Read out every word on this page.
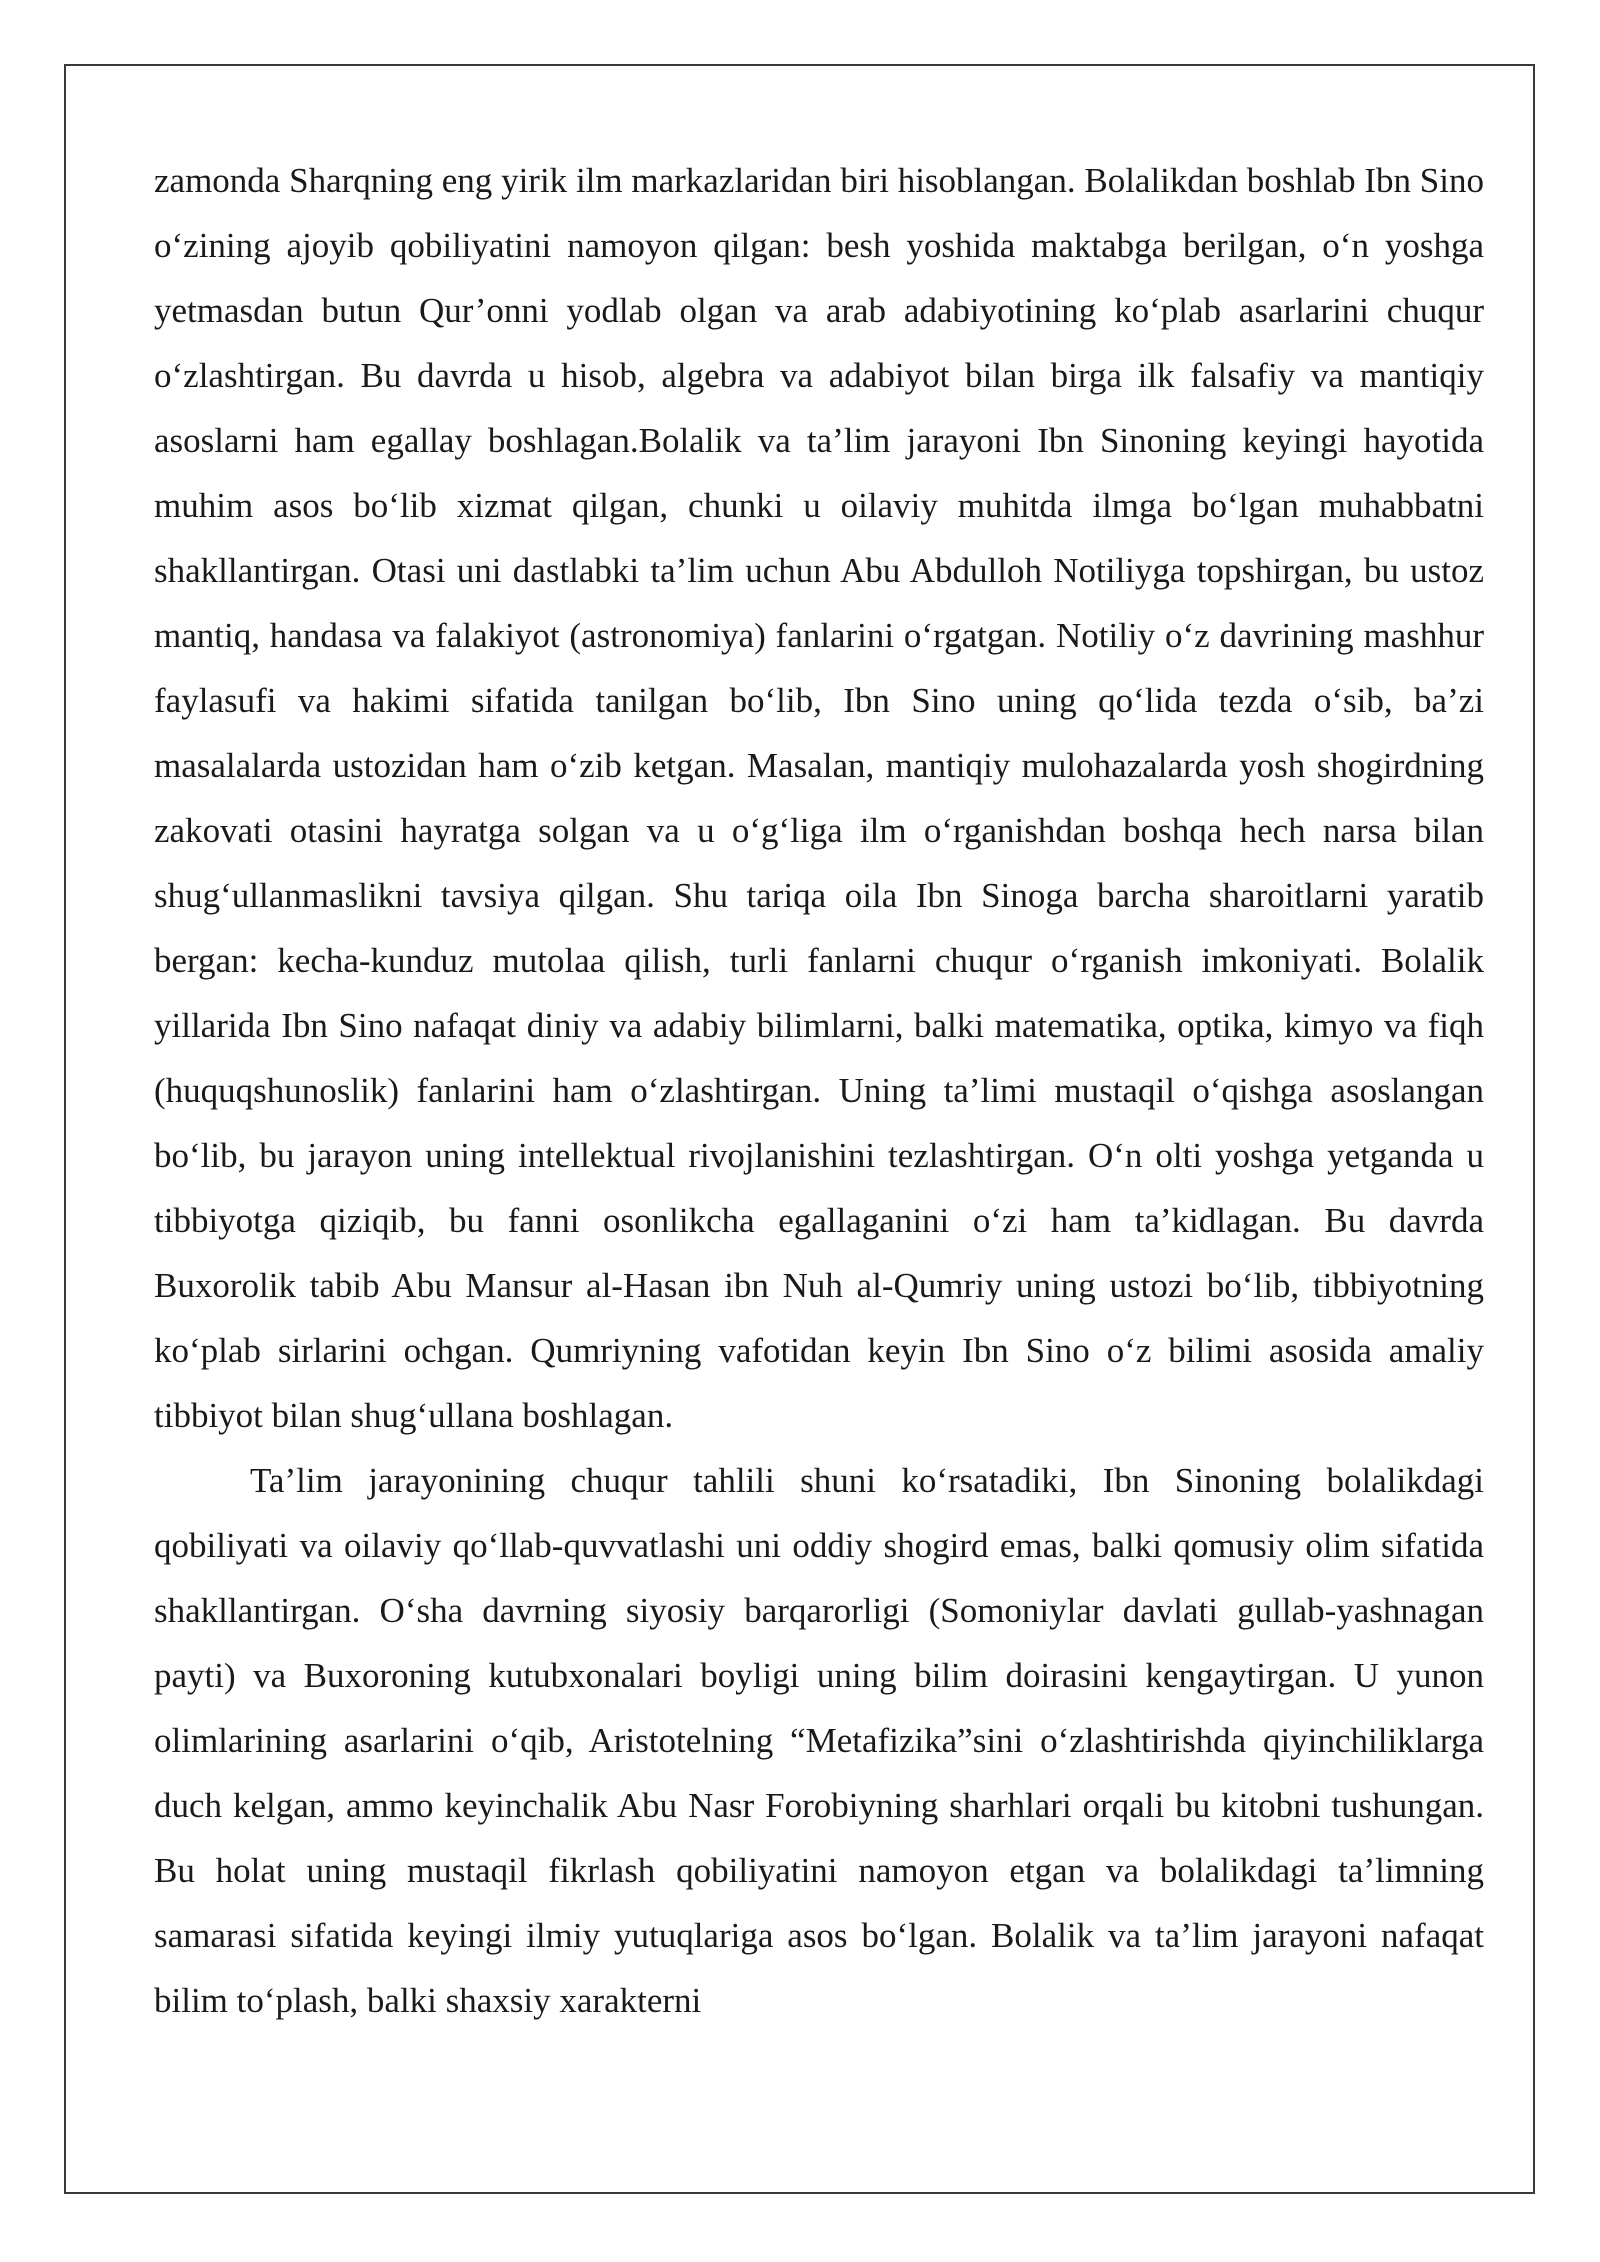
zamonda Sharqning eng yirik ilm markazlaridan biri hisoblangan. Bolalikdan boshlab Ibn Sino o‘zining ajoyib qobiliyatini namoyon qilgan: besh yoshida maktabga berilgan, o‘n yoshga yetmasdan butun Qur’onni yodlab olgan va arab adabiyotining ko‘plab asarlarini chuqur o‘zlashtirgan. Bu davrda u hisob, algebra va adabiyot bilan birga ilk falsafiy va mantiqiy asoslarni ham egallay boshlagan.Bolalik va ta’lim jarayoni Ibn Sinoning keyingi hayotida muhim asos bo‘lib xizmat qilgan, chunki u oilaviy muhitda ilmga bo‘lgan muhabbatni shakllantirgan. Otasi uni dastlabki ta’lim uchun Abu Abdulloh Notiliyga topshirgan, bu ustoz mantiq, handasa va falakiyot (astronomiya) fanlarini o‘rgatgan. Notiliy o‘z davrining mashhur faylasufi va hakimi sifatida tanilgan bo‘lib, Ibn Sino uning qo‘lida tezda o‘sib, ba’zi masalalarda ustozidan ham o‘zib ketgan. Masalan, mantiqiy mulohazalarda yosh shogirdning zakovati otasini hayratga solgan va u o‘g‘liga ilm o‘rganishdan boshqa hech narsa bilan shug‘ullanmaslikni tavsiya qilgan. Shu tariqa oila Ibn Sinoga barcha sharoitlarni yaratib bergan: kecha-kunduz mutolaa qilish, turli fanlarni chuqur o‘rganish imkoniyati. Bolalik yillarida Ibn Sino nafaqat diniy va adabiy bilimlarni, balki matematika, optika, kimyo va fiqh (huquqshunoslik) fanlarini ham o‘zlashtirgan. Uning ta’limi mustaqil o‘qishga asoslangan bo‘lib, bu jarayon uning intellektual rivojlanishini tezlashtirgan. O‘n olti yoshga yetganda u tibbiyotga qiziqib, bu fanni osonlikcha egallaganini o‘zi ham ta’kidlagan. Bu davrda Buxorolik tabib Abu Mansur al-Hasan ibn Nuh al-Qumriy uning ustozi bo‘lib, tibbiyotning ko‘plab sirlarini ochgan. Qumriyning vafotidan keyin Ibn Sino o‘z bilimi asosida amaliy tibbiyot bilan shug‘ullana boshlagan.

Ta’lim jarayonining chuqur tahlili shuni ko‘rsatadiki, Ibn Sinoning bolalikdagi qobiliyati va oilaviy qo‘llab-quvvatlashi uni oddiy shogird emas, balki qomusiy olim sifatida shakllantirgan. O‘sha davrning siyosiy barqarorligi (Somoniylar davlati gullab-yashnagan payti) va Buxoroning kutubxonalari boyligi uning bilim doirasini kengaytirgan. U yunon olimlarining asarlarini o‘qib, Aristotelning “Metafizika”sini o‘zlashtirishda qiyinchiliklarga duch kelgan, ammo keyinchalik Abu Nasr Forobiyning sharhlari orqali bu kitobni tushungan. Bu holat uning mustaqil fikrlash qobiliyatini namoyon etgan va bolalikdagi ta’limning samarasi sifatida keyingi ilmiy yutuqlariga asos bo‘lgan. Bolalik va ta’lim jarayoni nafaqat bilim to‘plash, balki shaxsiy xarakterni
